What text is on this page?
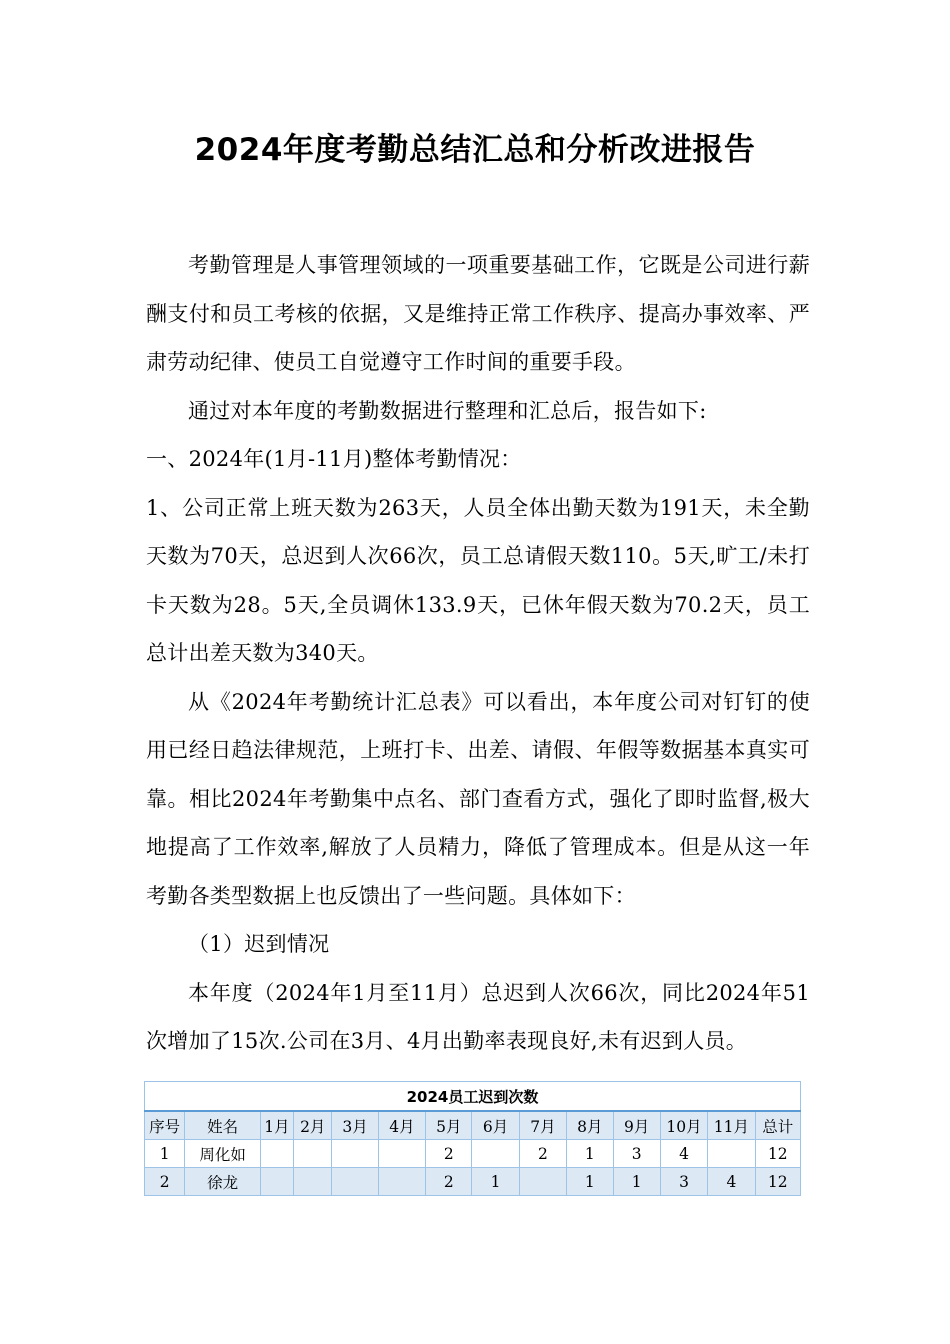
2024年度考勤总结汇总和分析改进报告

考勤管理是人事管理领域的一项重要基础工作，它既是公司进行薪酬支付和员工考核的依据，又是维持正常工作秩序、提高办事效率、严肃劳动纪律、使员工自觉遵守工作时间的重要手段。

通过对本年度的考勤数据进行整理和汇总后，报告如下:

一、2024年(1月-11月)整体考勤情况：

1、公司正常上班天数为263天，人员全体出勤天数为191天，未全勤天数为70天，总迟到人次66次，员工总请假天数110。5天,旷工/未打卡天数为28。5天,全员调休133.9天，已休年假天数为70.2天，员工总计出差天数为340天。

从《2024年考勤统计汇总表》可以看出，本年度公司对钉钉的使用已经日趋法律规范，上班打卡、出差、请假、年假等数据基本真实可靠。相比2024年考勤集中点名、部门查看方式，强化了即时监督,极大地提高了工作效率,解放了人员精力，降低了管理成本。但是从这一年考勤各类型数据上也反馈出了一些问题。具体如下：

（1）迟到情况

本年度（2024年1月至11月）总迟到人次66次，同比2024年51次增加了15次.公司在3月、4月出勤率表现良好,未有迟到人员。

2024员工迟到次数													
序号	姓名	1月	2月	3月	4月	5月	6月	7月	8月	9月	10月	11月	总计
1	周化如					2		2	1	3	4		12
2	徐龙					2	1		1	1	3	4	12
